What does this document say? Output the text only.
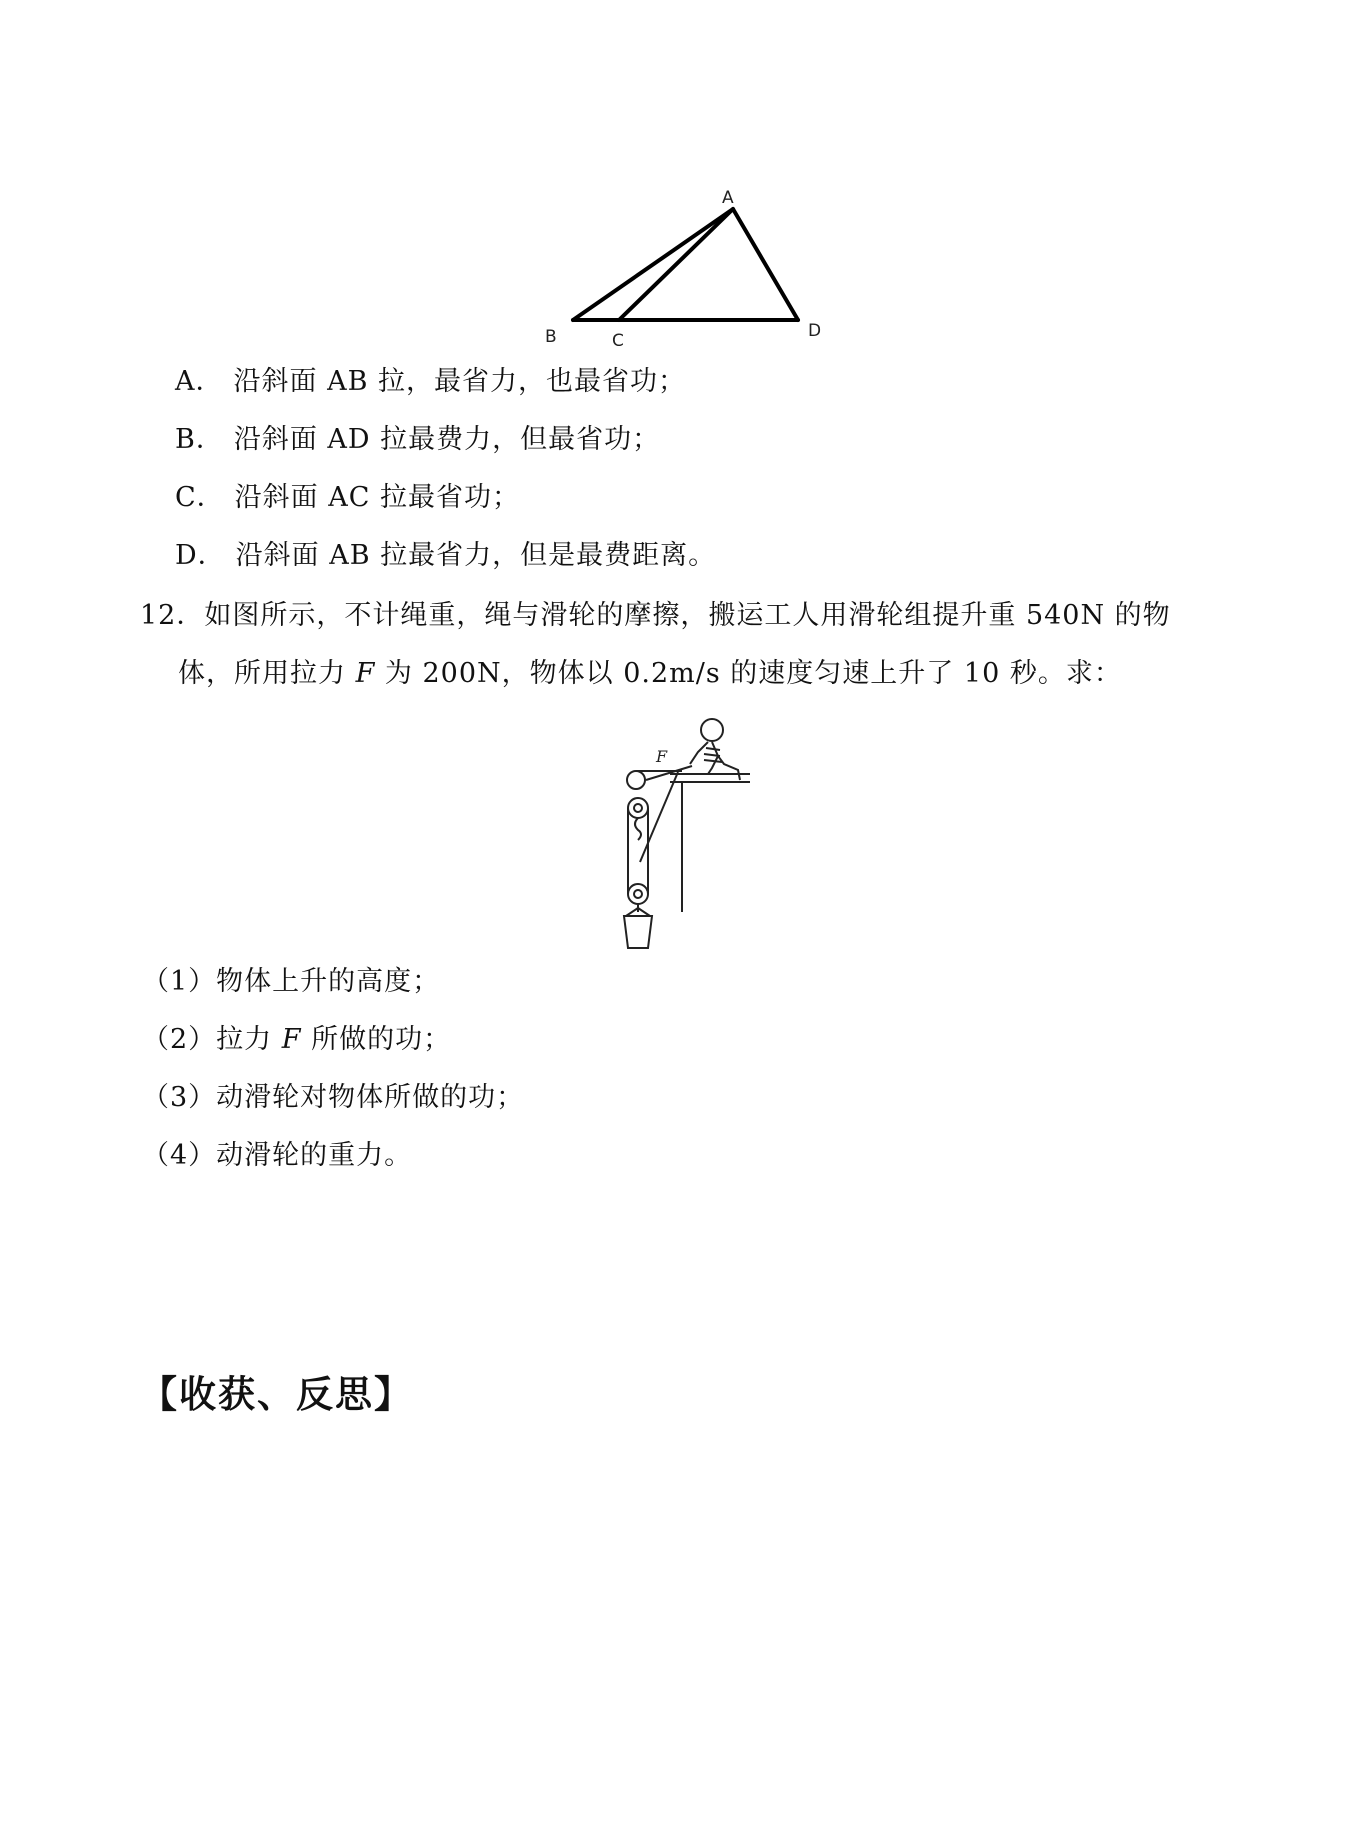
A
B	C	D
A． 沿斜面 AB 拉，最省力，也最省功；
B． 沿斜面 AD 拉最费力，但最省功；
C． 沿斜面 AC 拉最省功；
D． 沿斜面 AB 拉最省力，但是最费距离。
12．如图所示，不计绳重，绳与滑轮的摩擦，搬运工人用滑轮组提升重 540N 的物
体，所用拉力 F 为 200N，物体以 0.2m/s 的速度匀速上升了 10 秒。求：
F
（1）物体上升的高度；
（2）拉力 F 所做的功；
（3）动滑轮对物体所做的功；
（4）动滑轮的重力。
【收获、反思】
